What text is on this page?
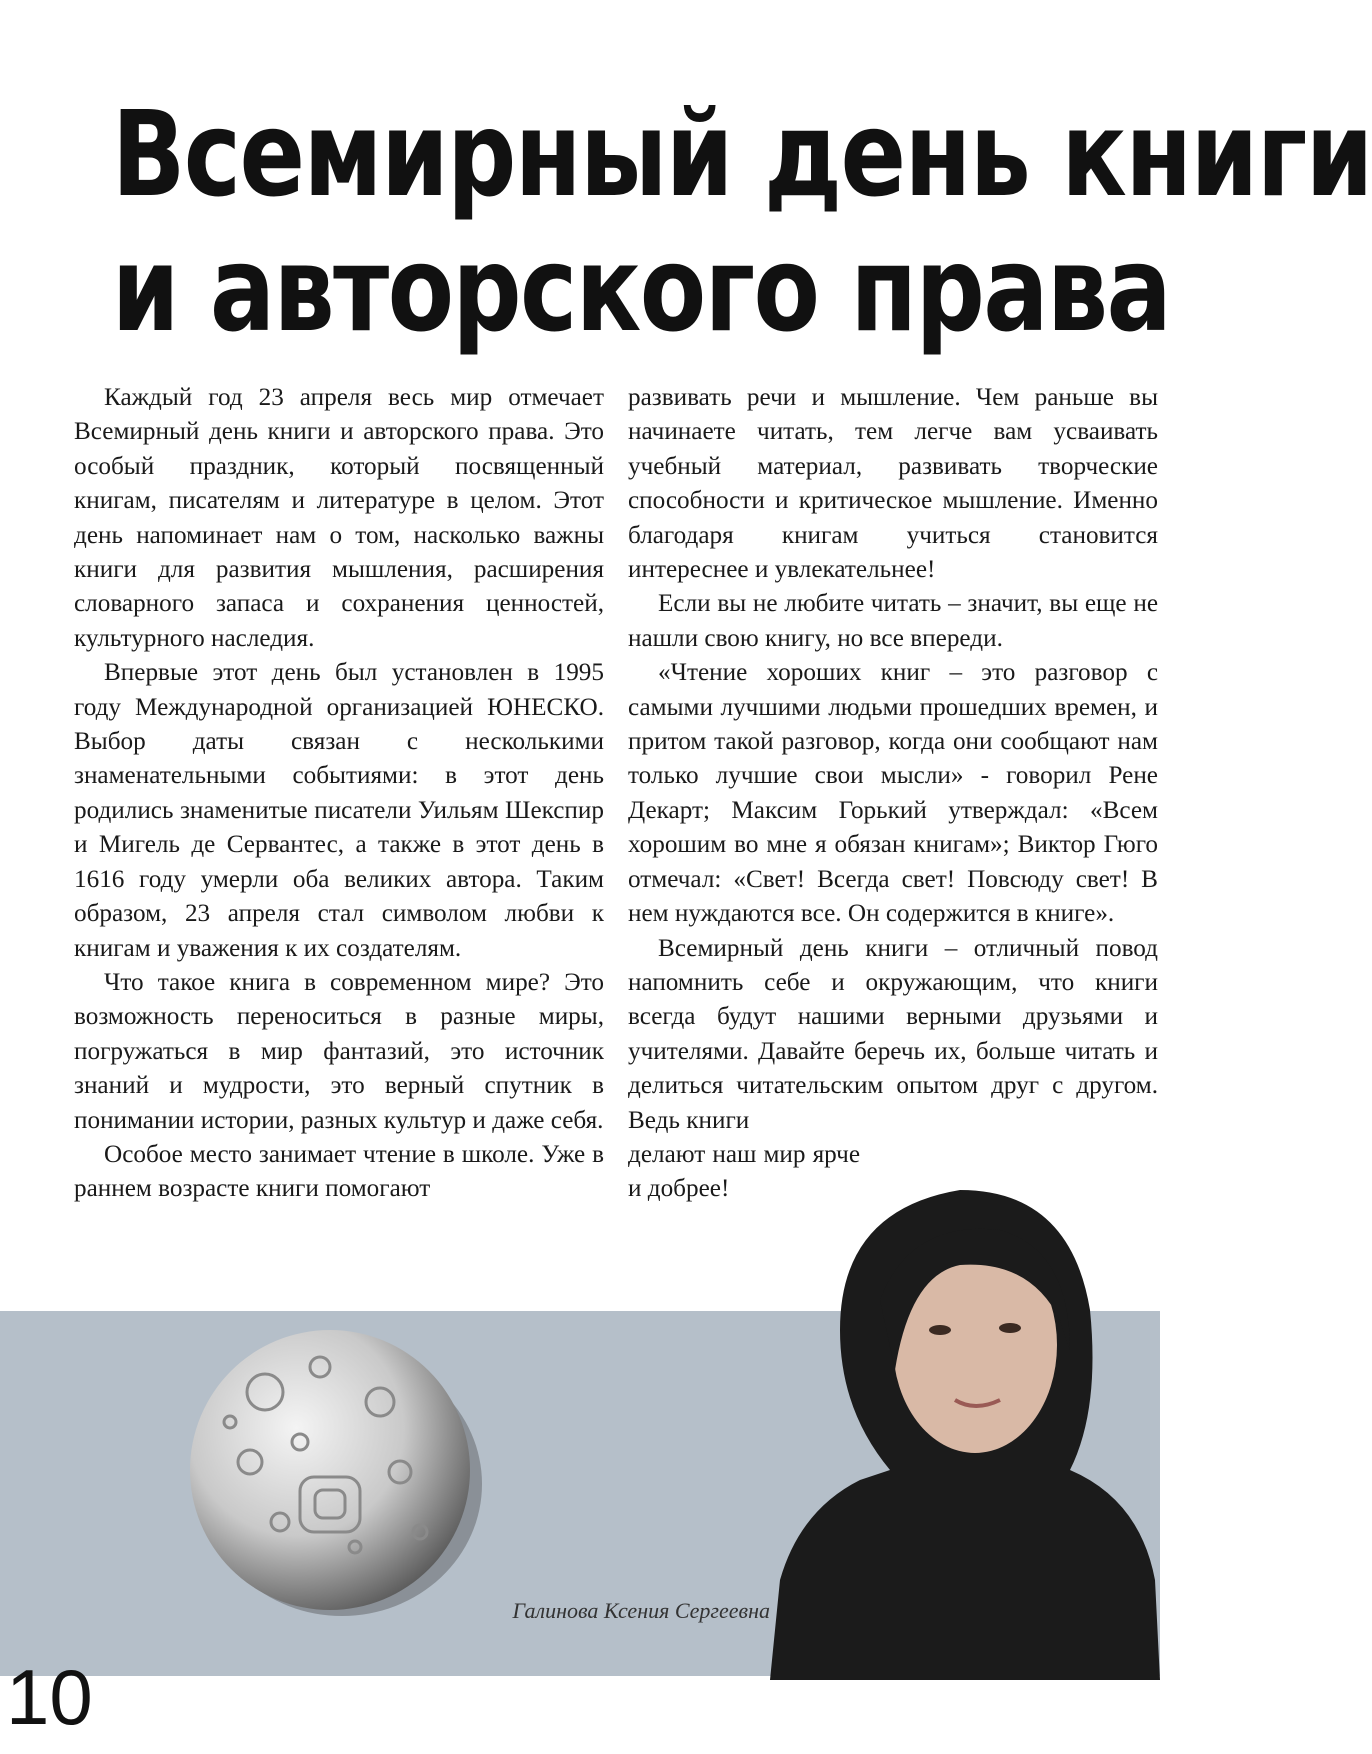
Всемирный день книги
и авторского права

Каждый год 23 апреля весь мир отмечает Всемирный день книги и авторского права. Это особый праздник, который посвященный книгам, писателям и литературе в целом. Этот день напоминает нам о том, насколько важны книги для развития мышления, расширения словарного запаса и сохранения ценностей, культурного наследия.

Впервые этот день был установлен в 1995 году Международной организацией ЮНЕСКО. Выбор даты связан с несколькими знаменательными событиями: в этот день родились знаменитые писатели Уильям Шекспир и Мигель де Сервантес, а также в этот день в 1616 году умерли оба великих автора. Таким образом, 23 апреля стал символом любви к книгам и уважения к их создателям.

Что такое книга в современном мире? Это возможность переноситься в разные миры, погружаться в мир фантазий, это источник знаний и мудрости, это верный спутник в понимании истории, разных культур и даже себя.

Особое место занимает чтение в школе. Уже в раннем возрасте книги помогают

развивать речи и мышление. Чем раньше вы начинаете читать, тем легче вам усваивать учебный материал, развивать творческие способности и критическое мышление. Именно благодаря книгам учиться становится интереснее и увлекательнее!

Если вы не любите читать – значит, вы еще не нашли свою книгу, но все впереди.

«Чтение хороших книг – это разговор с самыми лучшими людьми прошедших времен, и притом такой разговор, когда они сообщают нам только лучшие свои мысли» - говорил Рене Декарт; Максим Горький утверждал: «Всем хорошим во мне я обязан книгам»; Виктор Гюго отмечал: «Свет! Всегда свет! Повсюду свет! В нем нуждаются все. Он содержится в книге».

Всемирный день книги – отличный повод напомнить себе и окружающим, что книги всегда будут нашими верными друзьями и учителями. Давайте беречь их, больше читать и делиться читательским опытом друг с другом. Ведь книги

делают наш мир ярче и добрее!

Галинова Ксения Сергеевна
10
